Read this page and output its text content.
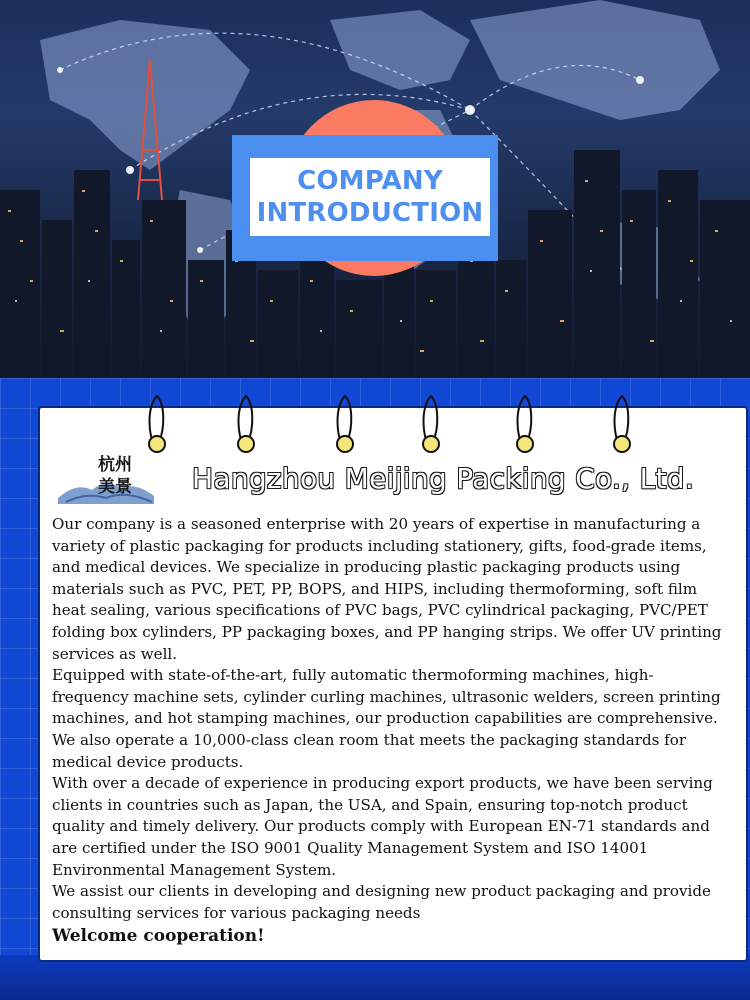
COMPANY
INTRODUCTION
杭州美景 Hangzhou Meijing Packing Co., Ltd.

Our company is a seasoned enterprise with 20 years of expertise in manufacturing a variety of plastic packaging for products including stationery, gifts, food-grade items, and medical devices. We specialize in producing plastic packaging products using materials such as PVC, PET, PP, BOPS, and HIPS, including thermoforming, soft film heat sealing, various specifications of PVC bags, PVC cylindrical packaging, PVC/PET folding box cylinders, PP packaging boxes, and PP hanging strips. We offer UV printing services as well.

Equipped with state-of-the-art, fully automatic thermoforming machines, high-frequency machine sets, cylinder curling machines, ultrasonic welders, screen printing machines, and hot stamping machines, our production capabilities are comprehensive. We also operate a 10,000-class clean room that meets the packaging standards for medical device products.

With over a decade of experience in producing export products, we have been serving clients in countries such as Japan, the USA, and Spain, ensuring top-notch product quality and timely delivery. Our products comply with European EN-71 standards and are certified under the ISO 9001 Quality Management System and ISO 14001 Environmental Management System.

We assist our clients in developing and designing new product packaging and provide consulting services for various packaging needs

Welcome cooperation!
